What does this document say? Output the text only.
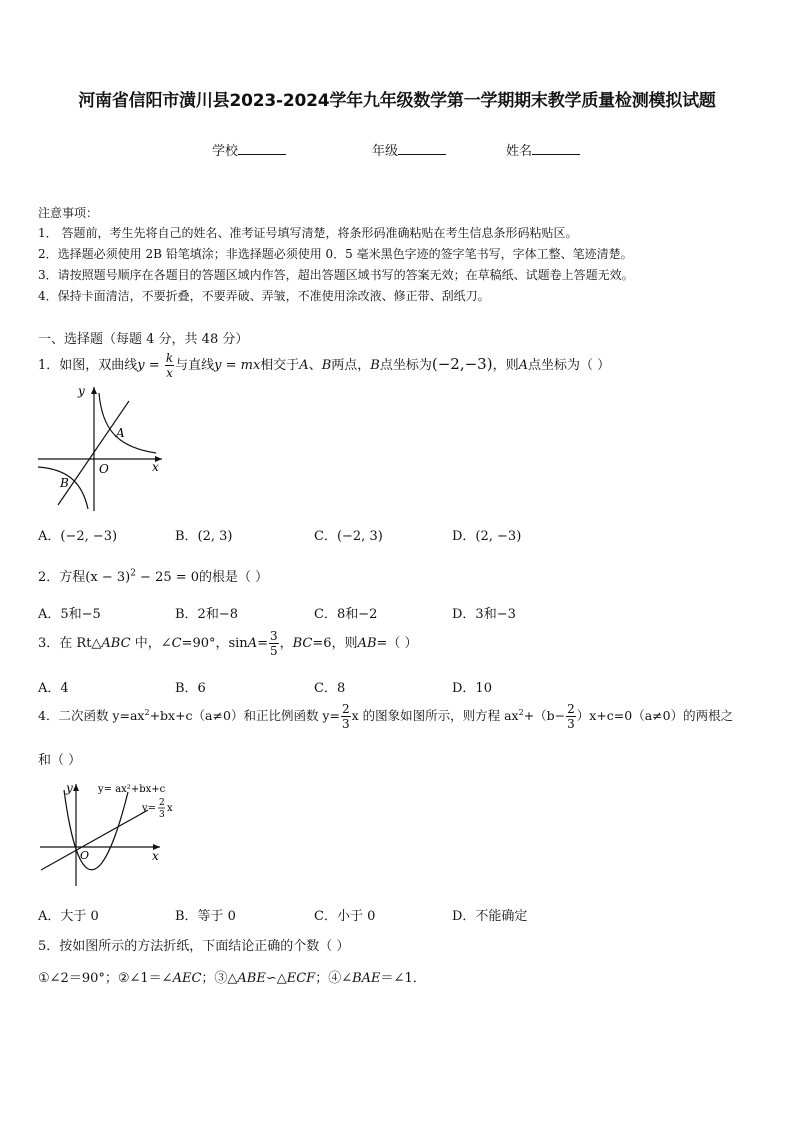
河南省信阳市潢川县2023-2024学年九年级数学第一学期期末教学质量检测模拟试题
学校	年级	姓名
注意事项：
1． 答题前，考生先将自己的姓名、准考证号填写清楚，将条形码准确粘贴在考生信息条形码粘贴区。
2．选择题必须使用 2B 铅笔填涂；非选择题必须使用 0．5 毫米黑色字迹的签字笔书写，字体工整、笔迹清楚。
3．请按照题号顺序在各题目的答题区域内作答，超出答题区域书写的答案无效；在草稿纸、试题卷上答题无效。
4．保持卡面清洁，不要折叠，不要弄破、弄皱，不准使用涂改液、修正带、刮纸刀。
一、选择题（每题 4 分，共 48 分）
1．如图，双曲线$y = \frac{k}{x}$ 与直线y = mx相交于A、B两点，B点坐标为(−2,−3)，则A点坐标为（ ）
y
x
O
A
B
A．(−2, −3)	B．(2, 3)	C．(−2, 3)	D．(2, −3)
2．方程$(x - 3)^2 - 25 = 0$的根是（ ）
A．5和−5	B．2和−8	C．8和−2	D．3和−3
3．在 Rt△ABC 中，∠C=90°，$\sin A= \frac{3}{5}$ ，BC=6，则AB=（ ）
A．4	B．6	C．8	D．10
4．二次函数 $y=ax^2+bx+c(a\ne 0)$和正比例函数 $y= \frac{2}{3}$ x 的图象如图所示，则方程 $ax^2+(b- \frac{2}{3} )x+c=0(a\ne 0)$的两根之
和（ ）
y
x
O
y= ax²+bx+c
y= 2
3
x
A．大于 0	B．等于 0	C．小于 0	D．不能确定
5．按如图所示的方法折纸，下面结论正确的个数（ ）
①∠2＝90°；②∠1＝∠AEC；③△ABE∽△ECF；④∠BAE＝∠1．
